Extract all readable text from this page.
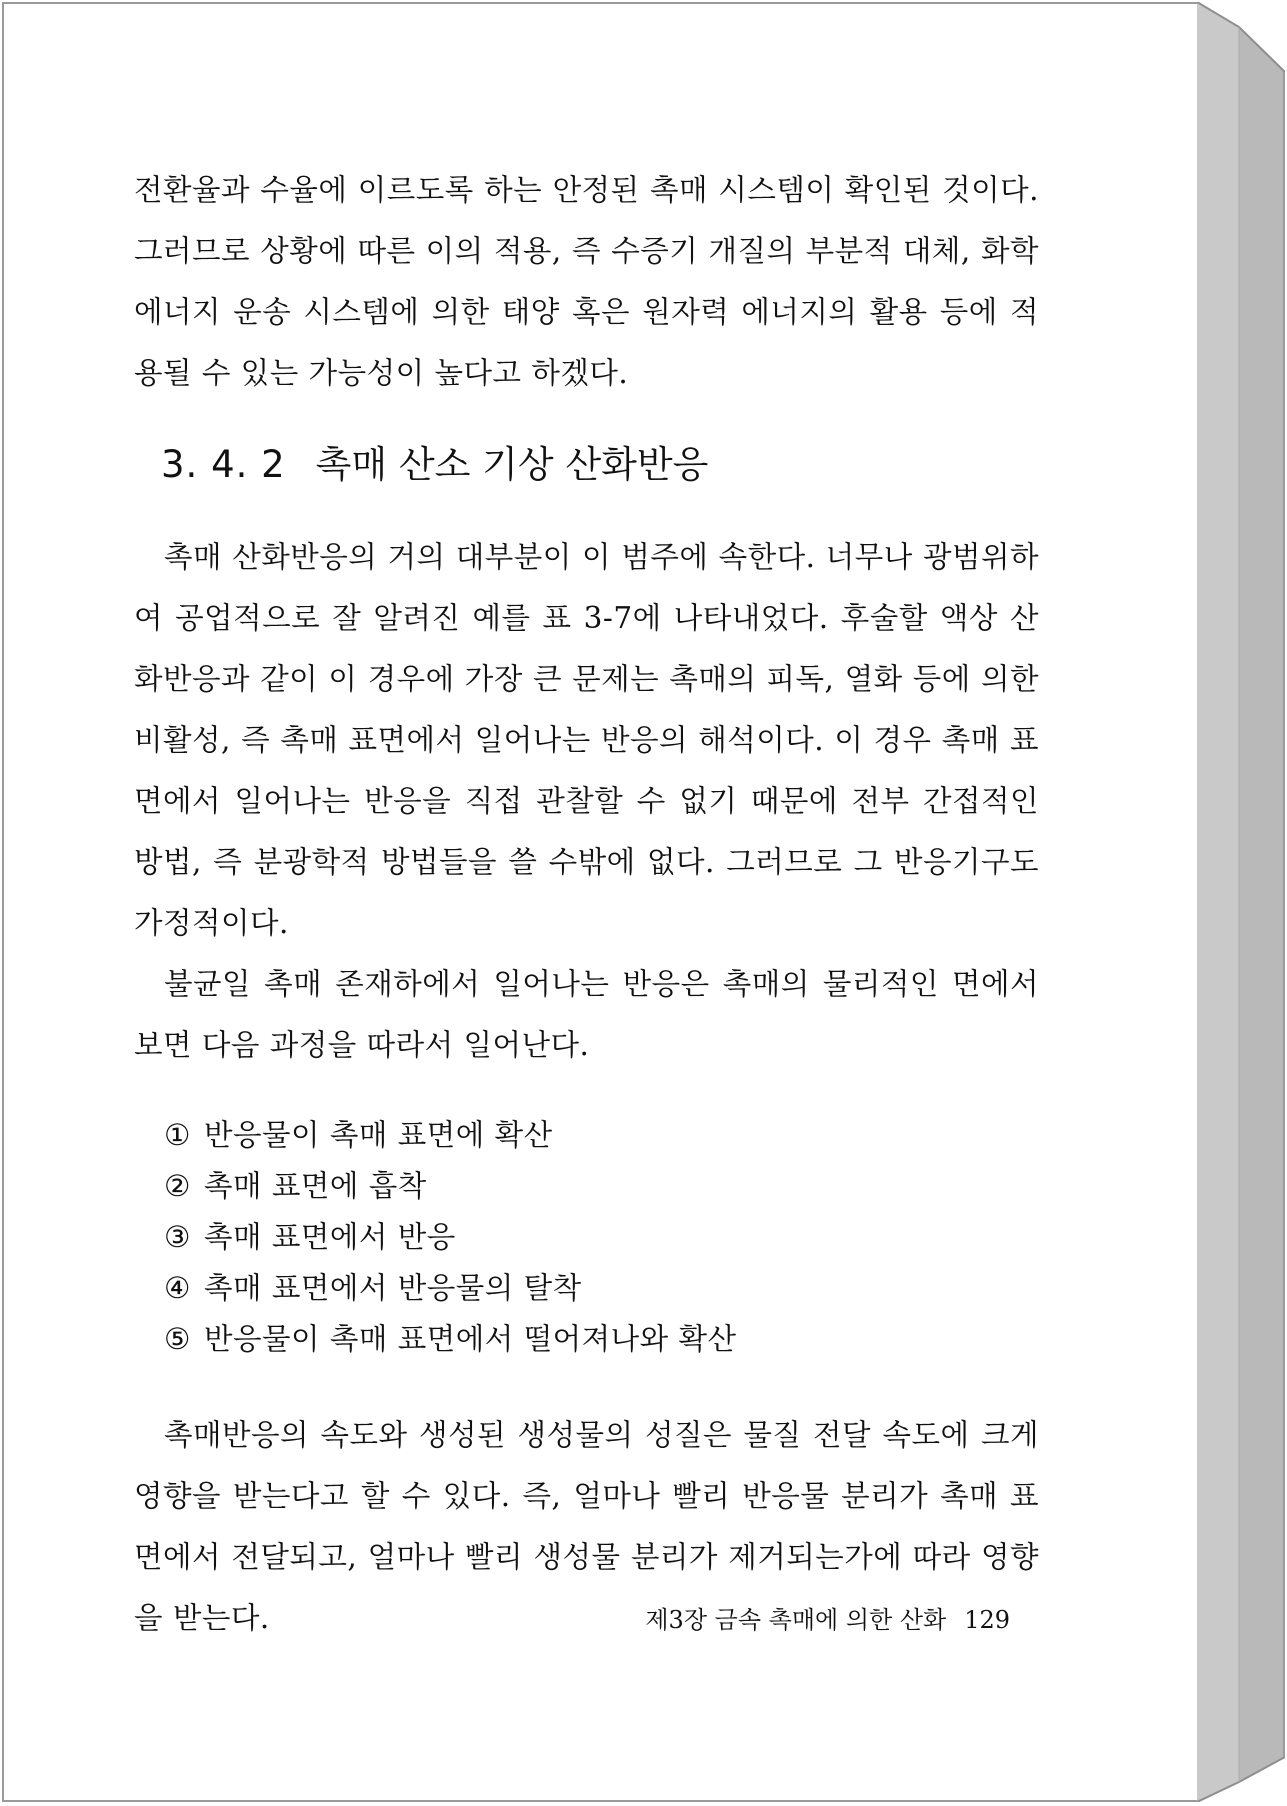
전환율과 수율에 이르도록 하는 안정된 촉매 시스템이 확인된 것이다. 그러므로 상황에 따른 이의 적용, 즉 수증기 개질의 부분적 대체, 화학 에너지 운송 시스템에 의한 태양 혹은 원자력 에너지의 활용 등에 적용될 수 있는 가능성이 높다고 하겠다.

3. 4. 2 촉매 산소 기상 산화반응

촉매 산화반응의 거의 대부분이 이 범주에 속한다. 너무나 광범위하여 공업적으로 잘 알려진 예를 표 3-7에 나타내었다. 후술할 액상 산화반응과 같이 이 경우에 가장 큰 문제는 촉매의 피독, 열화 등에 의한 비활성, 즉 촉매 표면에서 일어나는 반응의 해석이다. 이 경우 촉매 표면에서 일어나는 반응을 직접 관찰할 수 없기 때문에 전부 간접적인 방법, 즉 분광학적 방법들을 쓸 수밖에 없다. 그러므로 그 반응기구도 가정적이다.

불균일 촉매 존재하에서 일어나는 반응은 촉매의 물리적인 면에서 보면 다음 과정을 따라서 일어난다.

① 반응물이 촉매 표면에 확산
② 촉매 표면에 흡착
③ 촉매 표면에서 반응
④ 촉매 표면에서 반응물의 탈착
⑤ 반응물이 촉매 표면에서 떨어져나와 확산

촉매반응의 속도와 생성된 생성물의 성질은 물질 전달 속도에 크게 영향을 받는다고 할 수 있다. 즉, 얼마나 빨리 반응물 분리가 촉매 표면에서 전달되고, 얼마나 빨리 생성물 분리가 제거되는가에 따라 영향을 받는다.	제3장 금속 촉매에 의한 산화 129
